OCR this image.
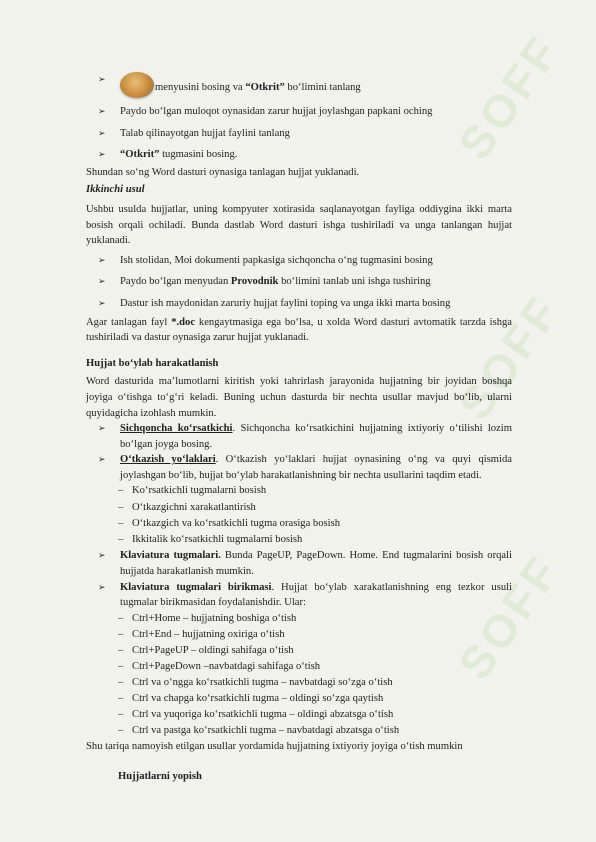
SOFF
SOFF
SOFF
➢
menyusini bosing va “Otkrit” bo‘limini tanlang
➢ Paydo bo‘lgan muloqot oynasidan zarur hujjat joylashgan papkani oching
➢ Talab qilinayotgan hujjat faylini tanlang
➢ “Otkrit” tugmasini bosing.
Shundan so‘ng Word dasturi oynasiga tanlagan hujjat yuklanadi.
Ikkinchi usul
Ushbu usulda hujjatlar, uning kompyuter xotirasida saqlanayotgan fayliga oddiygina ikki marta bosish orqali ochiladi. Bunda dastlab Word dasturi ishga tushiriladi va unga tanlangan hujjat yuklanadi.
➢ Ish stolidan, Moi dokumenti papkasiga sichqoncha o‘ng tugmasini bosing
➢ Paydo bo‘lgan menyudan Provodnik bo‘limini tanlab uni ishga tushiring
➢ Dastur ish maydonidan zaruriy hujjat faylini toping va unga ikki marta bosing
Agar tanlagan fayl *.doc kengaytmasiga ega bo‘lsa, u xolda Word dasturi avtomatik tarzda ishga tushiriladi va dastur oynasiga zarur hujjat yuklanadi.
Hujjat bo‘ylab harakatlanish
Word dasturida ma’lumotlarni kiritish yoki tahrirlash jarayonida hujjatning bir joyidan boshqa joyiga o‘tishga to‘g‘ri keladi. Buning uchun dasturda bir nechta usullar mavjud bo‘lib, ularni quyidagicha izohlash mumkin.
➢ Sichqoncha ko‘rsatkichi. Sichqoncha ko‘rsatkichini hujjatning ixtiyoriy o‘tilishi lozim bo‘lgan joyga bosing.
➢ O‘tkazish yo‘laklari. O‘tkazish yo‘laklari hujjat oynasining o‘ng va quyi qismida joylashgan bo‘lib, hujjat bo‘ylab harakatlanishning bir nechta usullarini taqdim etadi.
– Ko‘rsatkichli tugmalarni bosish
– O‘tkazgichni xarakatlantirish
– O‘tkazgich va ko‘rsatkichli tugma orasiga bosish
– Ikkitalik ko‘rsatkichli tugmalarni bosish
➢ Klaviatura tugmalari. Bunda PageUP, PageDown. Home. End tugmalarini bosish orqali hujjatda harakatlanish mumkin.
➢ Klaviatura tugmalari birikmasi. Hujjat bo‘ylab xarakatlanishning eng tezkor usuli tugmalar birikmasidan foydalanishdir. Ular:
– Ctrl+Home – hujjatning boshiga o‘tish
– Ctrl+End – hujjatning oxiriga o‘tish
– Ctrl+PageUP – oldingi sahifaga o‘tish
– Ctrl+PageDown –navbatdagi sahifaga o‘tish
– Ctrl va o‘ngga ko‘rsatkichli tugma – navbatdagi so‘zga o‘tish
– Ctrl va chapga ko‘rsatkichli tugma – oldingi so‘zga qaytish
– Ctrl va yuqoriga ko‘rsatkichli tugma – oldingi abzatsga o‘tish
– Ctrl va pastga ko‘rsatkichli tugma – navbatdagi abzatsga o‘tish
Shu tariqa namoyish etilgan usullar yordamida hujjatning ixtiyoriy joyiga o‘tish mumkin
Hujjatlarni yopish
